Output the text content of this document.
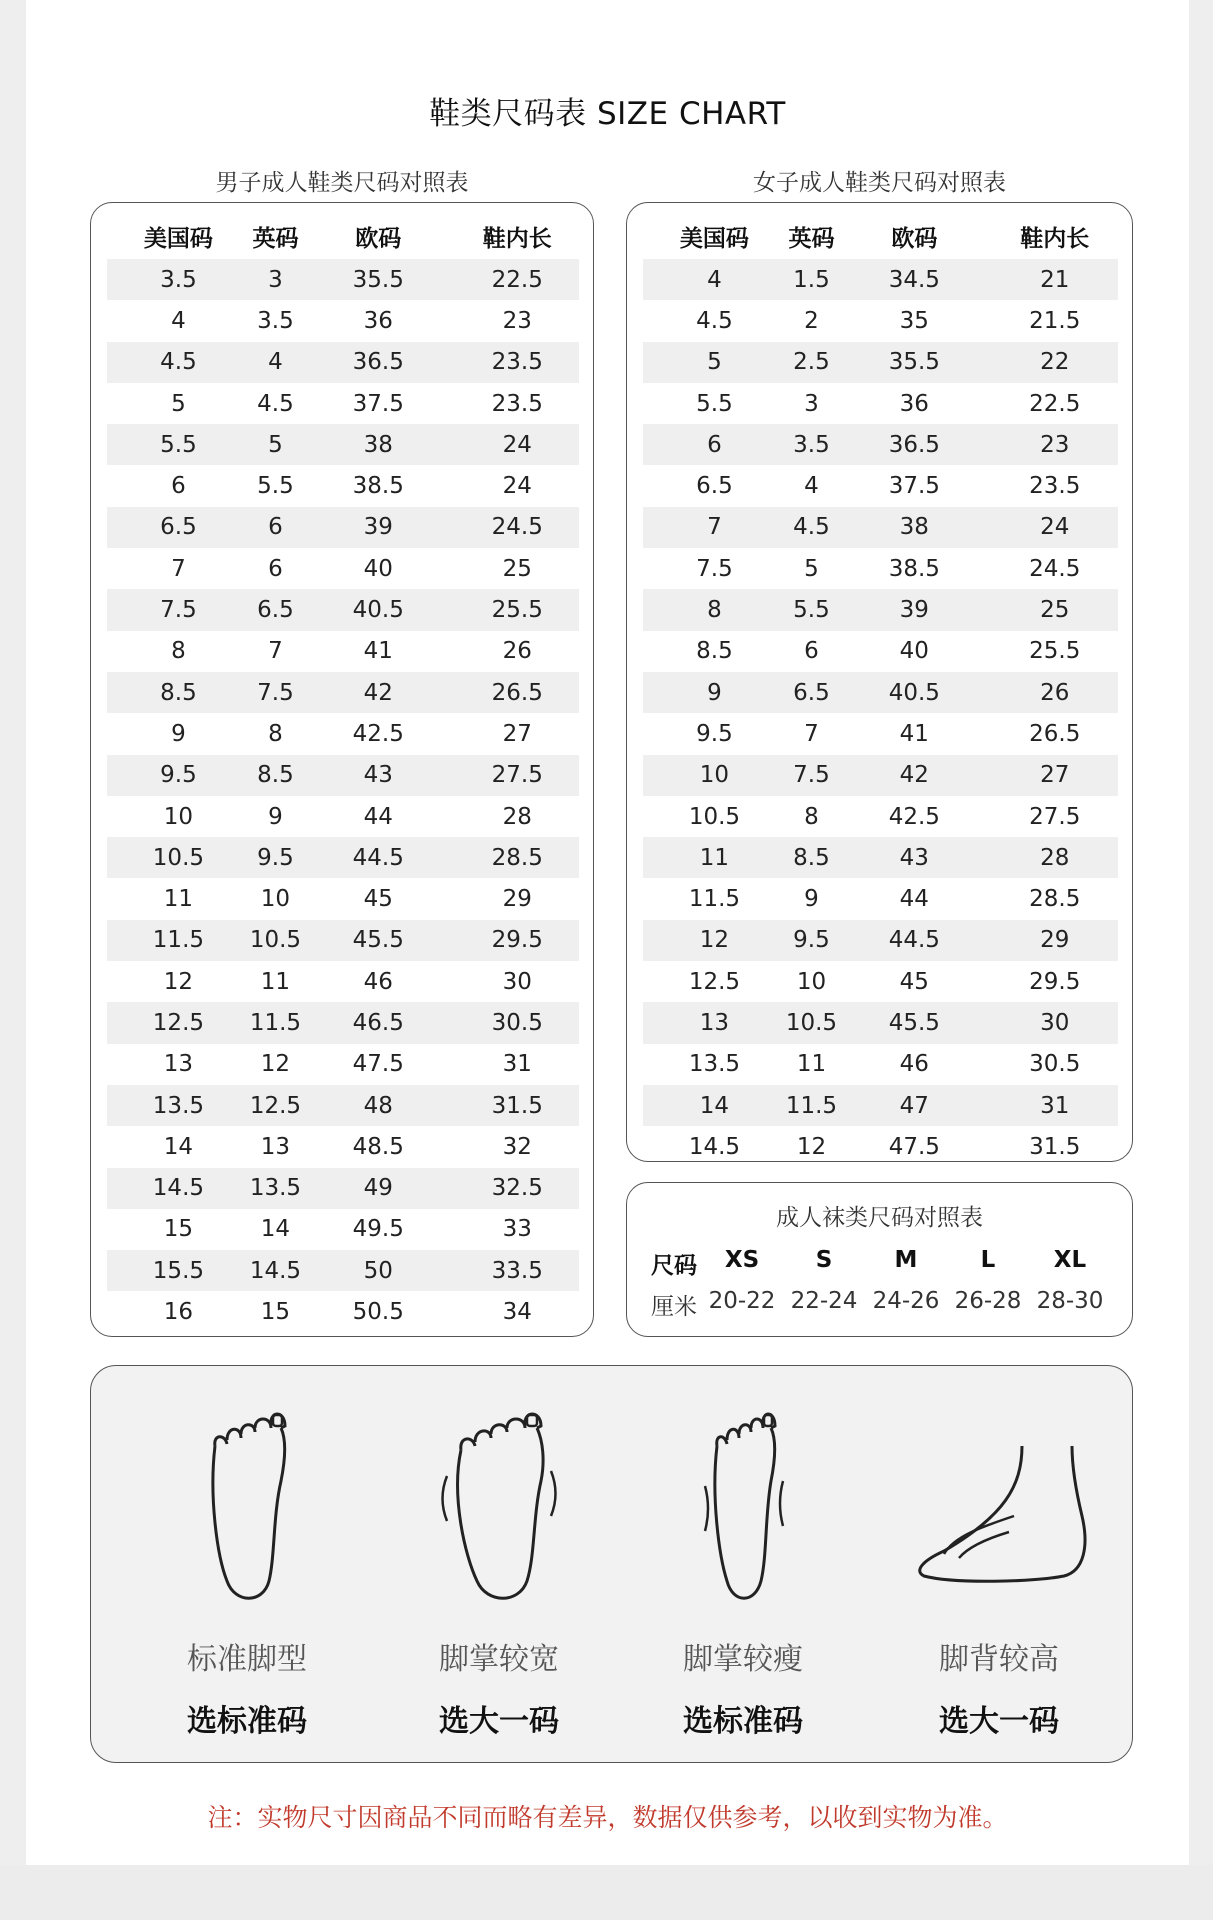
鞋类尺码表 SIZE CHART
男子成人鞋类尺码对照表
美国码	英码	欧码	鞋内长
3.5	3	35.5	22.5
4	3.5	36	23
4.5	4	36.5	23.5
5	4.5	37.5	23.5
5.5	5	38	24
6	5.5	38.5	24
6.5	6	39	24.5
7	6	40	25
7.5	6.5	40.5	25.5
8	7	41	26
8.5	7.5	42	26.5
9	8	42.5	27
9.5	8.5	43	27.5
10	9	44	28
10.5	9.5	44.5	28.5
11	10	45	29
11.5	10.5	45.5	29.5
12	11	46	30
12.5	11.5	46.5	30.5
13	12	47.5	31
13.5	12.5	48	31.5
14	13	48.5	32
14.5	13.5	49	32.5
15	14	49.5	33
15.5	14.5	50	33.5
16	15	50.5	34
女子成人鞋类尺码对照表
美国码	英码	欧码	鞋内长
4	1.5	34.5	21
4.5	2	35	21.5
5	2.5	35.5	22
5.5	3	36	22.5
6	3.5	36.5	23
6.5	4	37.5	23.5
7	4.5	38	24
7.5	5	38.5	24.5
8	5.5	39	25
8.5	6	40	25.5
9	6.5	40.5	26
9.5	7	41	26.5
10	7.5	42	27
10.5	8	42.5	27.5
11	8.5	43	28
11.5	9	44	28.5
12	9.5	44.5	29
12.5	10	45	29.5
13	10.5	45.5	30
13.5	11	46	30.5
14	11.5	47	31
14.5	12	47.5	31.5
成人袜类尺码对照表
尺码	XS	S	M	L	XL
厘米 20-22 22-24 24-26 26-28 28-30
标准脚型
选标准码
脚掌较宽
选大一码
脚掌较瘦
选标准码
脚背较高
选大一码
注：实物尺寸因商品不同而略有差异，数据仅供参考，以收到实物为准。
